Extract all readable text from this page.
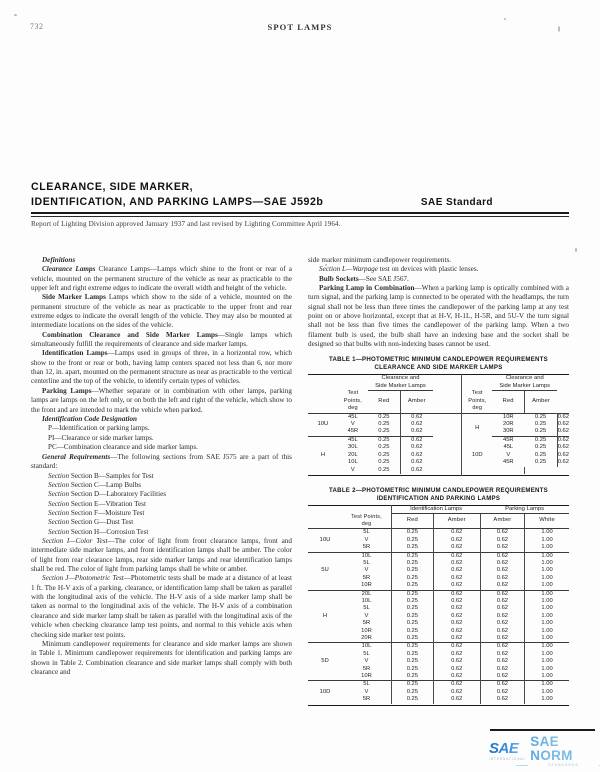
732	SPOT LAMPS
CLEARANCE, SIDE MARKER,
IDENTIFICATION, AND PARKING LAMPS—SAE J592b	SAE Standard
Report of Lighting Division approved January 1937 and last revised by Lighting Committee April 1964.

Definitions

Clearance Lamps Clearance Lamps—Lamps which shine to the front or rear of a vehicle, mounted on the permanent structure of the vehicle as near as practicable to the upper left and right extreme edges to indicate the overall width and height of the vehicle.

Side Marker Lamps Lamps which show to the side of a vehicle, mounted on the permanent structure of the vehicle as near as practicable to the upper front and rear extreme edges to indicate the overall length of the vehicle. They may also be mounted at intermediate locations on the sides of the vehicle.

Combination Clearance and Side Marker Lamps—Single lamps which simultaneously fulfill the requirements of clearance and side marker lamps.

Identification Lamps—Lamps used in groups of three, in a horizontal row, which show to the front or rear or both, having lamp centers spaced not less than 6, nor more than 12, in. apart, mounted on the permanent structure as near as practicable to the vertical centerline and the top of the vehicle, to identify certain types of vehicles.

Parking Lamps—Whether separate or in combination with other lamps, parking lamps are lamps on the left only, or on both the left and right of the vehicle, which show to the front and are intended to mark the vehicle when parked.

Identification Code Designation

P—Identification or parking lamps.
PI—Clearance or side marker lamps.
PC—Combination clearance and side marker lamps.

General Requirements—The following sections from SAE J575 are a part of this standard:

Section Section B—Samples for Test
Section Section C—Lamp Bulbs
Section Section D—Laboratory Facilities
Section Section E—Vibration Test
Section Section F—Moisture Test
Section Section G—Dust Test
Section Section H—Corrosion Test

Section I—Color Test—The color of light from front clearance lamps, front and intermediate side marker lamps, and front identification lamps shall be amber. The color of light from rear clearance lamps, rear side marker lamps and rear identification lamps shall be red. The color of light from parking lamps shall be white or amber.

Section J—Photometric Test—Photometric tests shall be made at a distance of at least 1 ft. The H-V axis of a parking, clearance, or identification lamp shall be taken as parallel with the longitudinal axis of the vehicle. The H-V axis of a side marker lamp shall be taken as normal to the longitudinal axis of the vehicle. The H-V axis of a combination clearance and side marker lamp shall be taken as parallel with the longitudinal axis of the vehicle when checking clearance lamp test points, and normal to this vehicle axis when checking side marker test points.

Minimum candlepower requirements for clearance and side marker lamps are shown in Table 1. Minimum candlepower requirements for identification and parking lamps are shown in Table 2. Combination clearance and side marker lamps shall comply with both clearance and

side marker minimum candlepower requirements.

Section L—Warpage test on devices with plastic lenses.

Bulb Sockets—See SAE J567.

Parking Lamp in Combination—When a parking lamp is optically combined with a turn signal, and the parking lamp is connected to be operated with the headlamps, the turn signal shall not be less than three times the candlepower of the parking lamp at any test point on or above horizontal, except that at H-V, H-1L, H-5R, and 5U-V the turn signal shall not be less than five times the candlepower of the parking lamp. When a two filament bulb is used, the bulb shall have an indexing base and the socket shall be designed so that bulbs with non-indexing bases cannot be used.

TABLE 1—PHOTOMETRIC MINIMUM CANDLEPOWER REQUIREMENTS
CLEARANCE AND SIDE MARKER LAMPS
		Clearance and
Side Marker Lamps				Clearance and
Side Marker Lamps		
	Test
Points,
deg	Red	Amber		Test
Points,
deg	Red	Amber	
10U	45L	0.25	0.62		H	10R	0.25	0.62
	V	0.25	0.62			20R	0.25	0.62
	45R	0.25	0.62			30R	0.25	0.62
H	45L	0.25	0.62			45R	0.25	0.62
	30L	0.25	0.62		10D	45L	0.25	0.62
	20L	0.25	0.62			V	0.25	0.62
	10L	0.25	0.62			45R	0.25	0.62
	V	0.25	0.62					

TABLE 2—PHOTOMETRIC MINIMUM CANDLEPOWER REQUIREMENTS
IDENTIFICATION AND PARKING LAMPS
		Identification Lamps		Parking Lamps	
	Test Points,
deg	Red	Amber	Amber	White
10U	5L	0.25	0.62	0.62	1.00
	V	0.25	0.62	0.62	1.00
	5R	0.25	0.62	0.62	1.00
5U	10L	0.25	0.62	0.62	1.00
	5L	0.25	0.62	0.62	1.00
	V	0.25	0.62	0.62	1.00
	5R	0.25	0.62	0.62	1.00
	10R	0.25	0.62	0.62	1.00
H	20L	0.25	0.62	0.62	1.00
	10L	0.25	0.62	0.62	1.00
	5L	0.25	0.62	0.62	1.00
	V	0.25	0.62	0.62	1.00
	5R	0.25	0.62	0.62	1.00
	10R	0.25	0.62	0.62	1.00
	20R	0.25	0.62	0.62	1.00
5D	10L	0.25	0.62	0.62	1.00
	5L	0.25	0.62	0.62	1.00
	V	0.25	0.62	0.62	1.00
	5R	0.25	0.62	0.62	1.00
	10R	0.25	0.62	0.62	1.00
10D	5L	0.25	0.62	0.62	1.00
	V	0.25	0.62	0.62	1.00
	5R	0.25	0.62	0.62	1.00

SAE
INTERNATIONAL
SAE NORM
STANDARDS
